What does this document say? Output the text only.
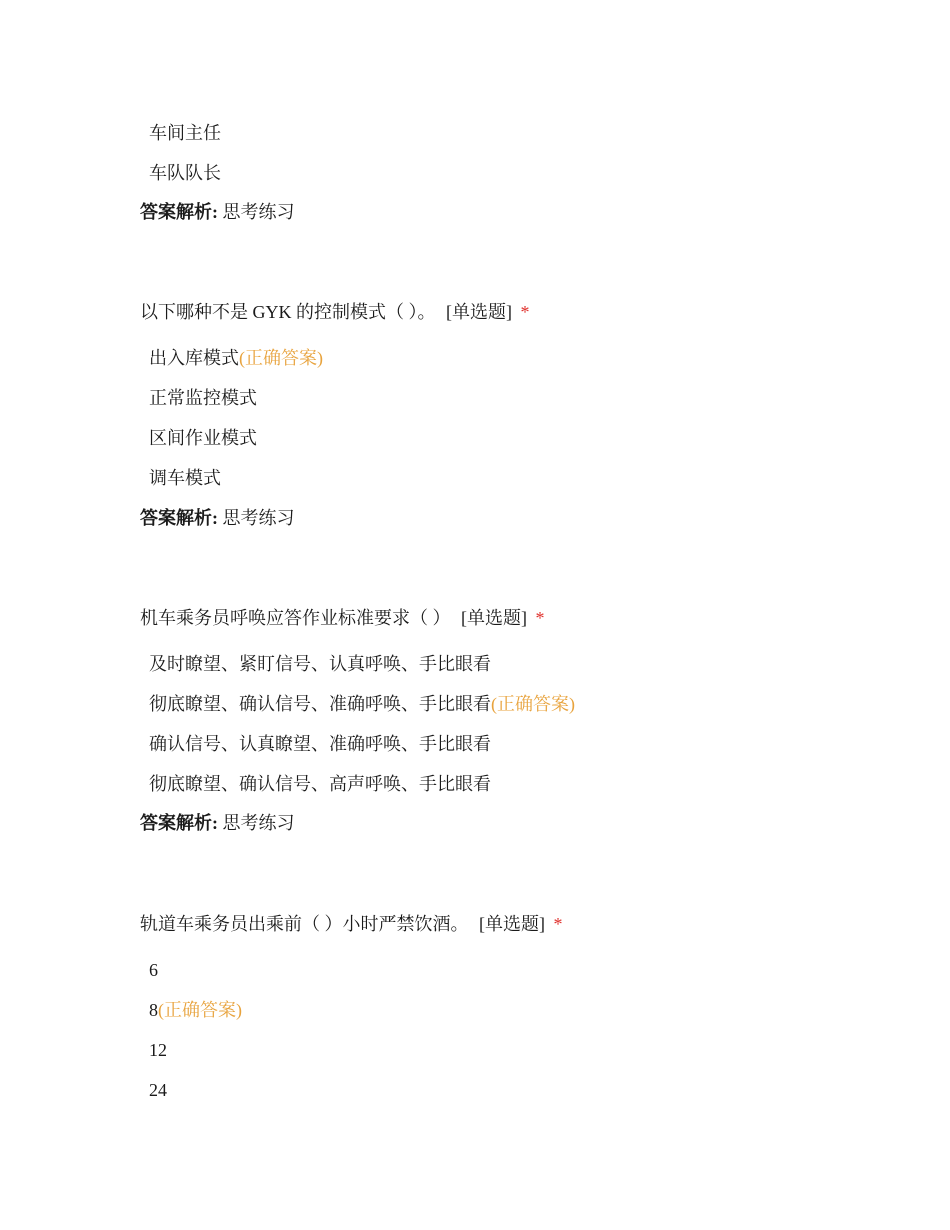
车间主任
车队队长
答案解析: 思考练习
以下哪种不是 GYK 的控制模式（ ）。 [单选题] *
出入库模式(正确答案)
正常监控模式
区间作业模式
调车模式
答案解析: 思考练习
机车乘务员呼唤应答作业标准要求（ ） [单选题] *
及时瞭望、紧盯信号、认真呼唤、手比眼看
彻底瞭望、确认信号、准确呼唤、手比眼看(正确答案)
确认信号、认真瞭望、准确呼唤、手比眼看
彻底瞭望、确认信号、高声呼唤、手比眼看
答案解析: 思考练习
轨道车乘务员出乘前（ ）小时严禁饮酒。 [单选题] *
6
8(正确答案)
12
24
